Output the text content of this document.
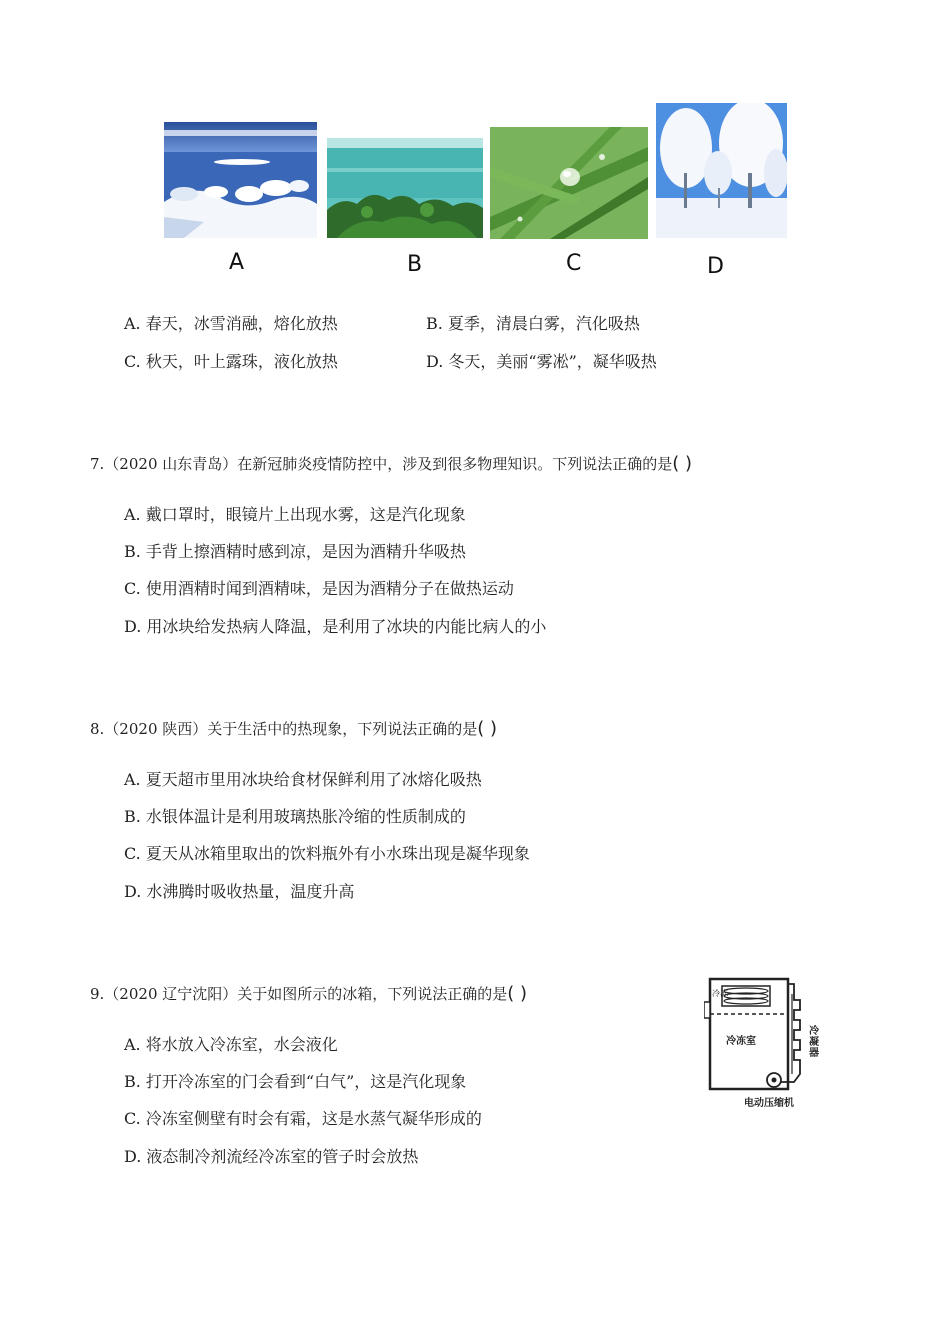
A	B	C	D
A. 春天，冰雪消融，熔化放热	B. 夏季，清晨白雾，汽化吸热
C. 秋天，叶上露珠，液化放热	D. 冬天，美丽“雾凇”，凝华吸热
7.（2020 山东青岛）在新冠肺炎疫情防控中，涉及到很多物理知识。下列说法正确的是( )
A. 戴口罩时，眼镜片上出现水雾，这是汽化现象
B. 手背上擦酒精时感到凉，是因为酒精升华吸热
C. 使用酒精时闻到酒精味，是因为酒精分子在做热运动
D. 用冰块给发热病人降温，是利用了冰块的内能比病人的小
8.（2020 陕西）关于生活中的热现象，下列说法正确的是( )
A. 夏天超市里用冰块给食材保鲜利用了冰熔化吸热
B. 水银体温计是利用玻璃热胀冷缩的性质制成的
C. 夏天从冰箱里取出的饮料瓶外有小水珠出现是凝华现象
D. 水沸腾时吸收热量，温度升高
9.（2020 辽宁沈阳）关于如图所示的冰箱，下列说法正确的是( )
A. 将水放入冷冻室，水会液化
B. 打开冷冻室的门会看到“白气”，这是汽化现象
C. 冷冻室侧壁有时会有霜，这是水蒸气凝华形成的
D. 液态制冷剂流经冷冻室的管子时会放热
冷冻
冷冻室
电动压缩机
冷凝器
